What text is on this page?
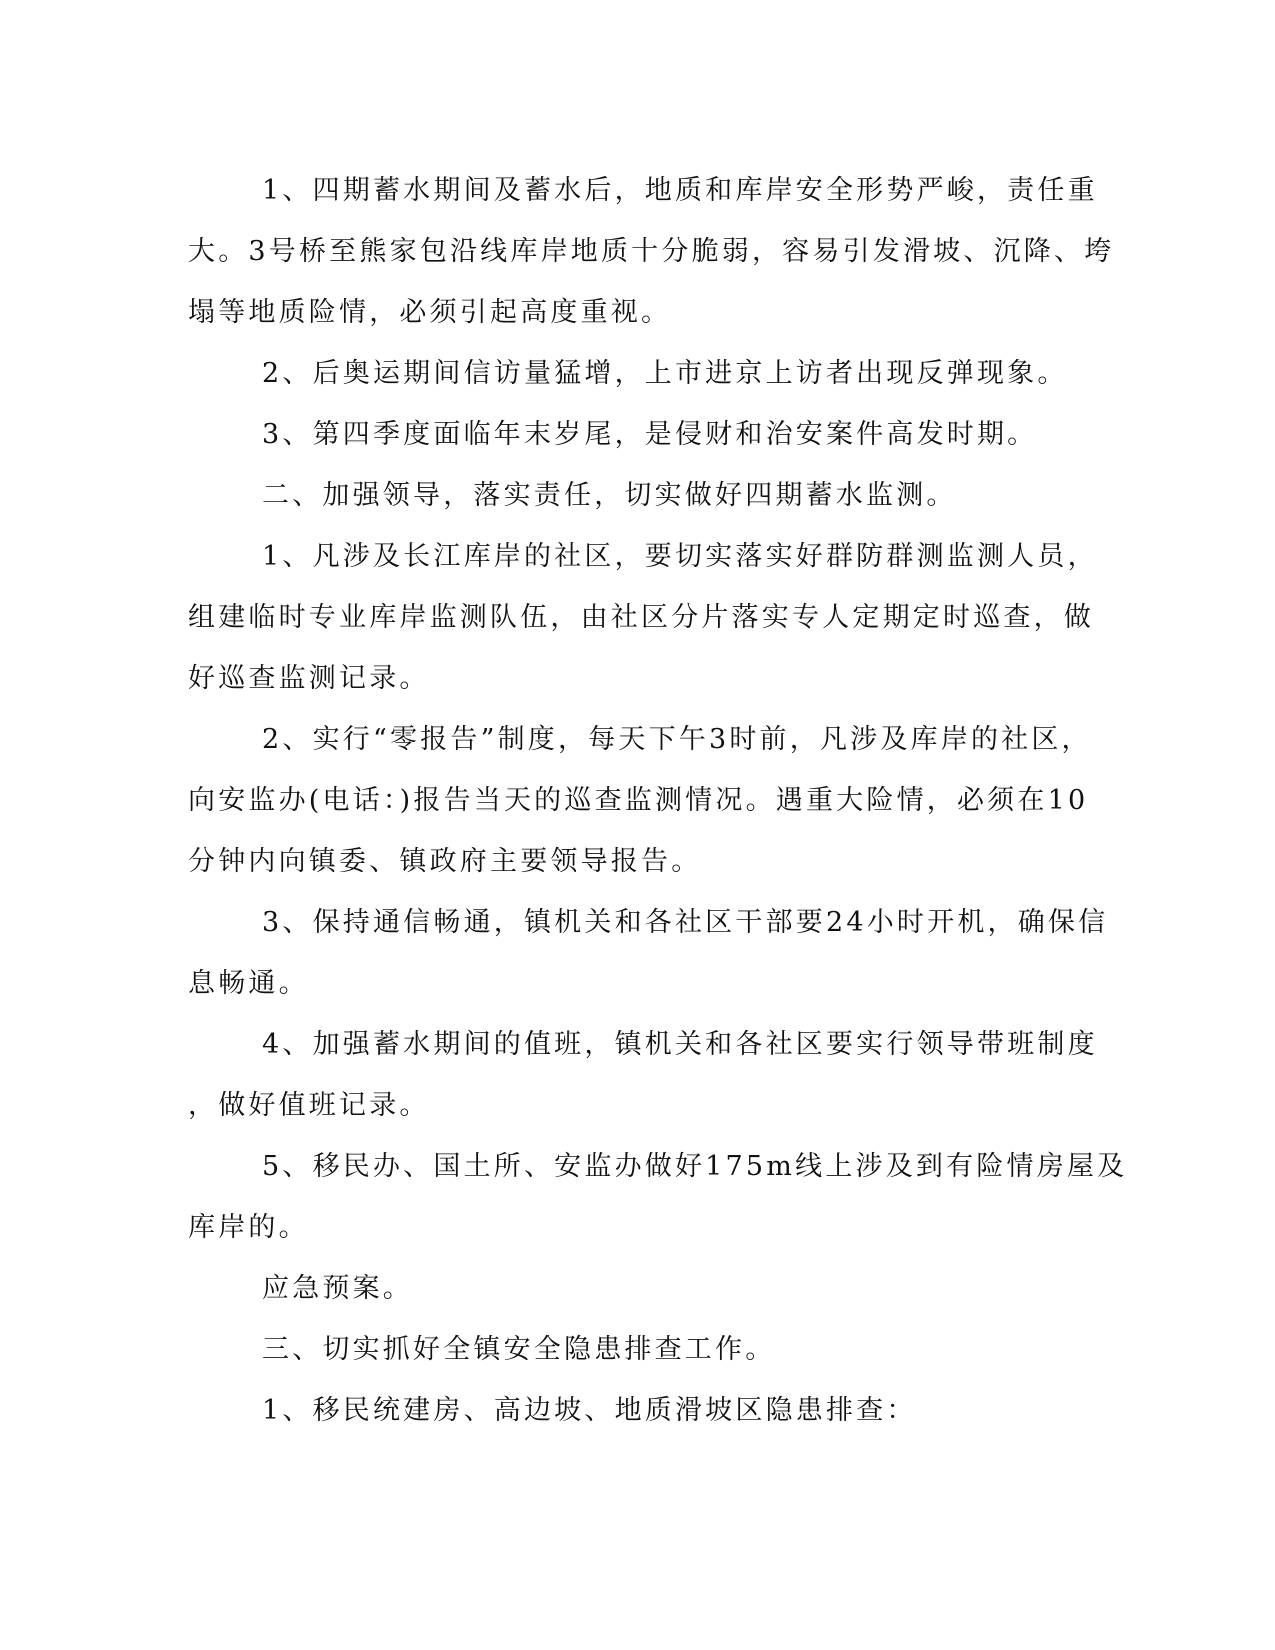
1、四期蓄水期间及蓄水后，地质和库岸安全形势严峻，责任重
大。3号桥至熊家包沿线库岸地质十分脆弱，容易引发滑坡、沉降、垮
塌等地质险情，必须引起高度重视。
2、后奥运期间信访量猛增，上市进京上访者出现反弹现象。
3、第四季度面临年末岁尾，是侵财和治安案件高发时期。
二、加强领导，落实责任，切实做好四期蓄水监测。
1、凡涉及长江库岸的社区，要切实落实好群防群测监测人员，
组建临时专业库岸监测队伍，由社区分片落实专人定期定时巡查，做
好巡查监测记录。
2、实行“零报告”制度，每天下午3时前，凡涉及库岸的社区，
向安监办(电话：)报告当天的巡查监测情况。遇重大险情，必须在10
分钟内向镇委、镇政府主要领导报告。
3、保持通信畅通，镇机关和各社区干部要24小时开机，确保信
息畅通。
4、加强蓄水期间的值班，镇机关和各社区要实行领导带班制度
，做好值班记录。
5、移民办、国土所、安监办做好175m线上涉及到有险情房屋及
库岸的。
应急预案。
三、切实抓好全镇安全隐患排查工作。
1、移民统建房、高边坡、地质滑坡区隐患排查：
